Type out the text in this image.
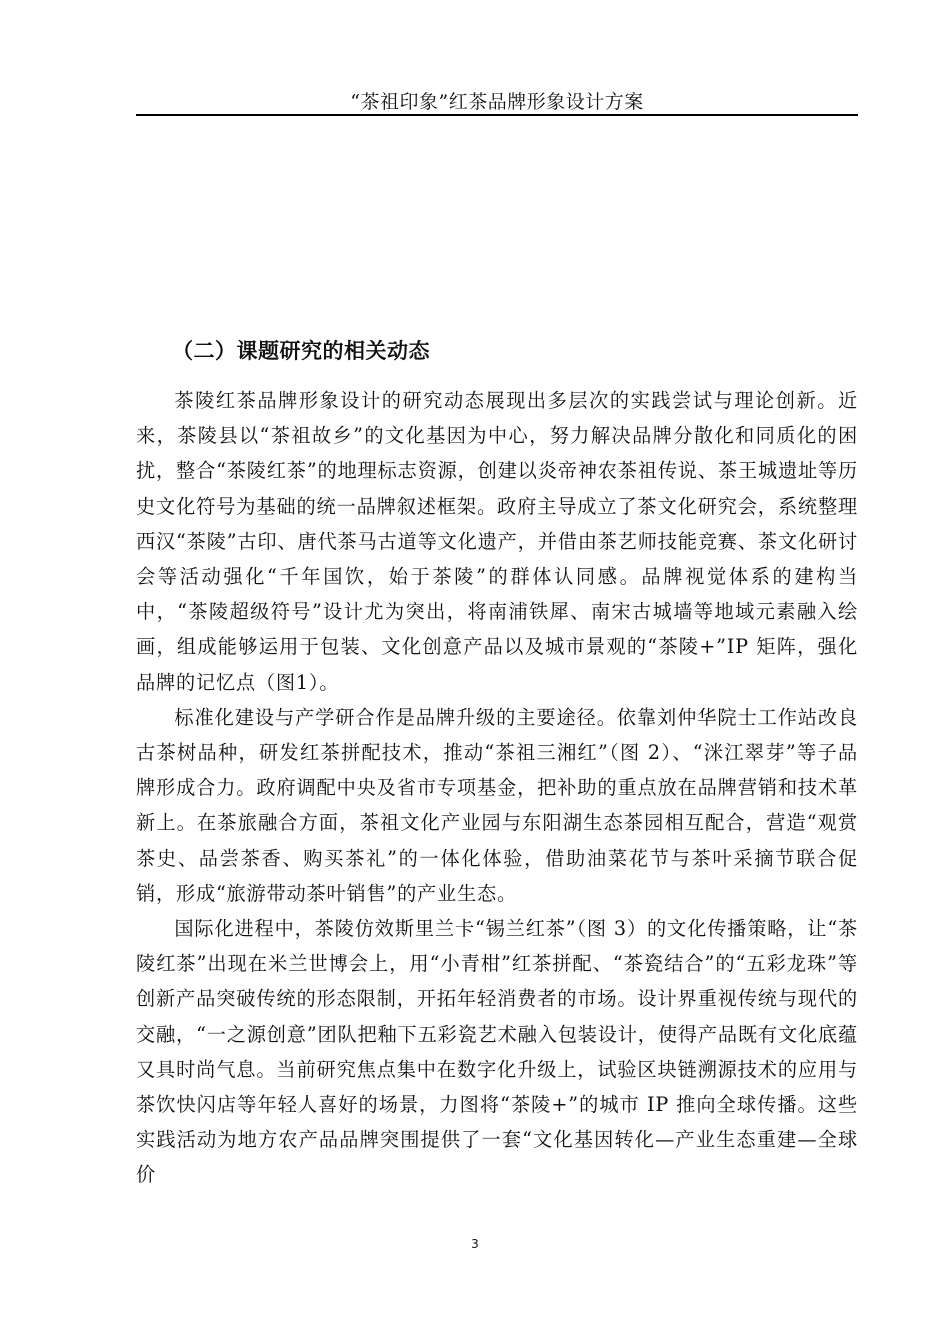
“茶祖印象”红茶品牌形象设计方案
（二）课题研究的相关动态

茶陵红茶品牌形象设计的研究动态展现出多层次的实践尝试与理论创新。近来，茶陵县以“茶祖故乡”的文化基因为中心，努力解决品牌分散化和同质化的困扰，整合“茶陵红茶”的地理标志资源，创建以炎帝神农茶祖传说、茶王城遗址等历史文化符号为基础的统一品牌叙述框架。政府主导成立了茶文化研究会，系统整理西汉“茶陵”古印、唐代茶马古道等文化遗产，并借由茶艺师技能竞赛、茶文化研讨会等活动强化“千年国饮，始于茶陵”的群体认同感。品牌视觉体系的建构当中，“茶陵超级符号”设计尤为突出，将南浦铁犀、南宋古城墙等地域元素融入绘画，组成能够运用于包装、文化创意产品以及城市景观的“茶陵+”IP 矩阵，强化品牌的记忆点（图1）。

标准化建设与产学研合作是品牌升级的主要途径。依靠刘仲华院士工作站改良古茶树品种，研发红茶拼配技术，推动“茶祖三湘红”（图 2）、“洣江翠芽”等子品牌形成合力。政府调配中央及省市专项基金，把补助的重点放在品牌营销和技术革新上。在茶旅融合方面，茶祖文化产业园与东阳湖生态茶园相互配合，营造“观赏茶史、品尝茶香、购买茶礼”的一体化体验，借助油菜花节与茶叶采摘节联合促销，形成“旅游带动茶叶销售”的产业生态。

国际化进程中，茶陵仿效斯里兰卡“锡兰红茶”（图 3）的文化传播策略，让“茶陵红茶”出现在米兰世博会上，用“小青柑”红茶拼配、“茶瓷结合”的“五彩龙珠”等创新产品突破传统的形态限制，开拓年轻消费者的市场。设计界重视传统与现代的交融，“一之源创意”团队把釉下五彩瓷艺术融入包装设计，使得产品既有文化底蕴又具时尚气息。当前研究焦点集中在数字化升级上，试验区块链溯源技术的应用与茶饮快闪店等年轻人喜好的场景，力图将“茶陵+”的城市 IP 推向全球传播。这些实践活动为地方农产品品牌突围提供了一套“文化基因转化—产业生态重建—全球价

3
